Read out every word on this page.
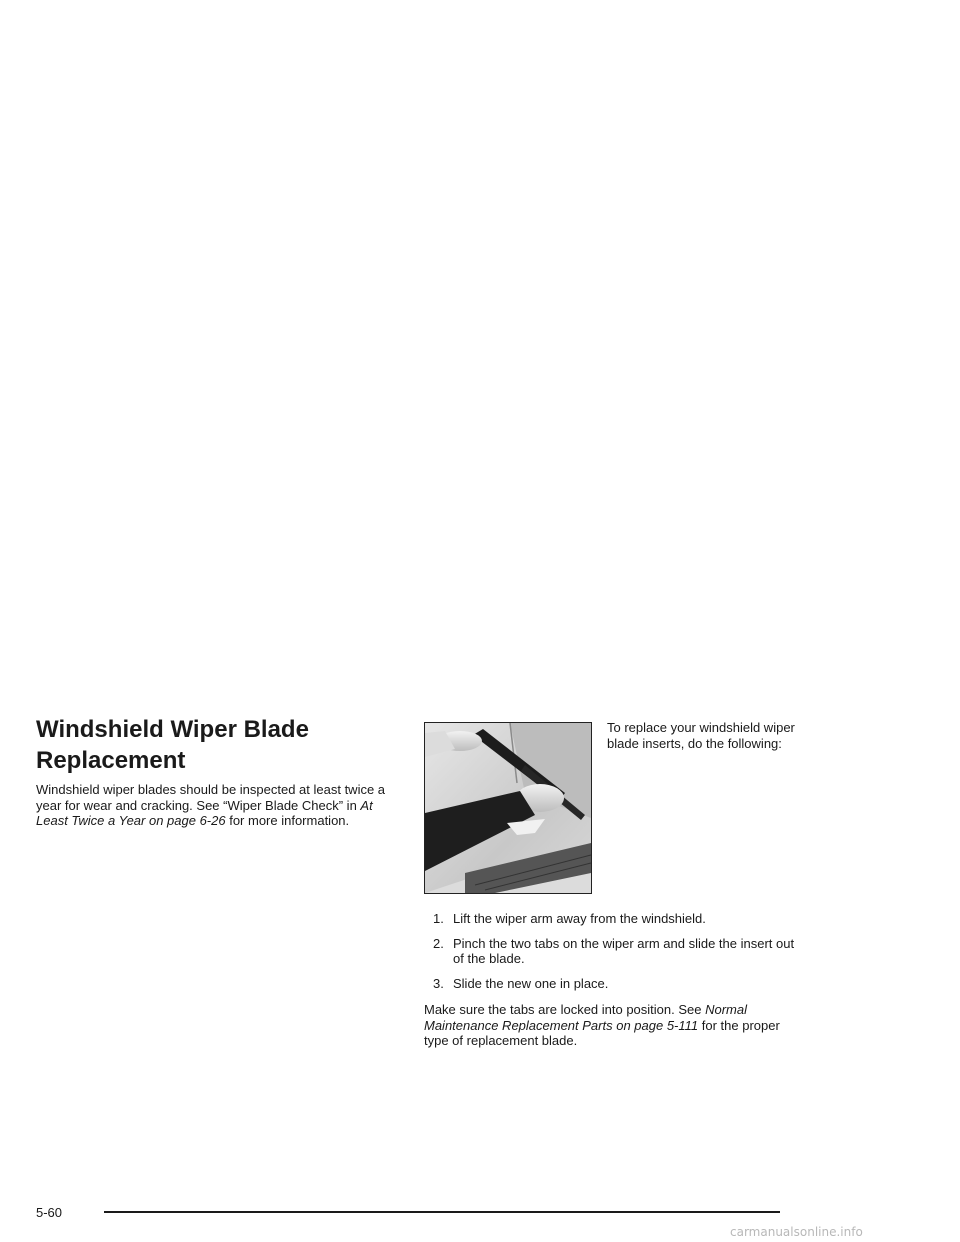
Windshield Wiper Blade Replacement

Windshield wiper blades should be inspected at least twice a year for wear and cracking. See “Wiper Blade Check” in At Least Twice a Year on page 6-26 for more information.

To replace your windshield wiper blade inserts, do the following:

1. Lift the wiper arm away from the windshield.
2. Pinch the two tabs on the wiper arm and slide the insert out of the blade.
3. Slide the new one in place.

Make sure the tabs are locked into position. See Normal Maintenance Replacement Parts on page 5-111 for the proper type of replacement blade.

5-60
carmanualsonline.info
